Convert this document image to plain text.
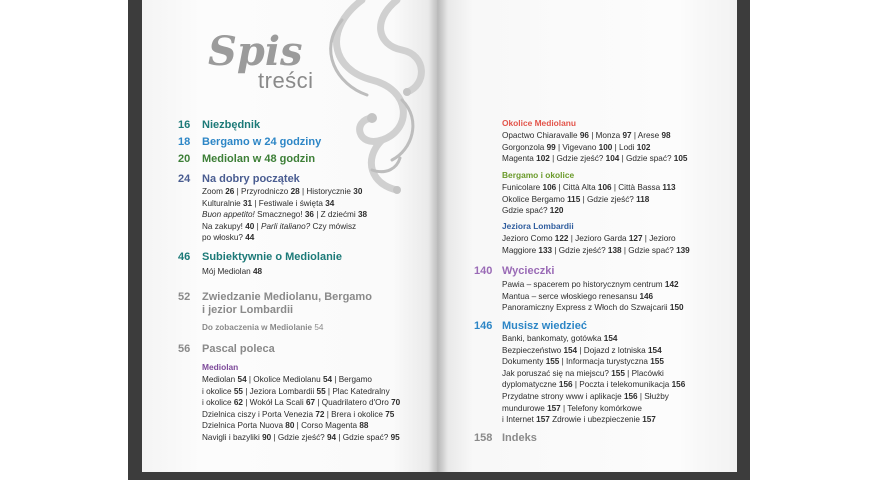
Spis
treści
16 Niezbędnik
18 Bergamo w 24 godziny
20 Mediolan w 48 godzin
24 Na dobry początek
Zoom 26 | Przyrodniczo 28 | Historycznie 30
Kulturalnie 31 | Festiwale i święta 34
Buon appetito! Smacznego! 36 | Z dziećmi 38
Na zakupy! 40 | Parli italiano? Czy mówisz
po włosku? 44
46 Subiektywnie o Mediolanie
Mój Mediolan 48
52 Zwiedzanie Mediolanu, Bergamo
i jezior Lombardii
Do zobaczenia w Mediolanie 54
56 Pascal poleca
Mediolan
Mediolan 54 | Okolice Mediolanu 54 | Bergamo
i okolice 55 | Jeziora Lombardii 55 | Plac Katedralny
i okolice 62 | Wokół La Scali 67 | Quadrilatero d'Oro 70
Dzielnica ciszy i Porta Venezia 72 | Brera i okolice 75
Dzielnica Porta Nuova 80 | Corso Magenta 88
Navigli i bazyliki 90 | Gdzie zjeść? 94 | Gdzie spać? 95
Okolice Mediolanu
Opactwo Chiaravalle 96 | Monza 97 | Arese 98
Gorgonzola 99 | Vigevano 100 | Lodi 102
Magenta 102 | Gdzie zjeść? 104 | Gdzie spać? 105
Bergamo i okolice
Funicolare 106 | Città Alta 106 | Città Bassa 113
Okolice Bergamo 115 | Gdzie zjeść? 118
Gdzie spać? 120
Jeziora Lombardii
Jezioro Como 122 | Jezioro Garda 127 | Jezioro
Maggiore 133 | Gdzie zjeść? 138 | Gdzie spać? 139
140 Wycieczki
Pawia – spacerem po historycznym centrum 142
Mantua – serce włoskiego renesansu 146
Panoramiczny Express z Włoch do Szwajcarii 150
146 Musisz wiedzieć
Banki, bankomaty, gotówka 154
Bezpieczeństwo 154 | Dojazd z lotniska 154
Dokumenty 155 | Informacja turystyczna 155
Jak poruszać się na miejscu? 155 | Placówki
dyplomatyczne 156 | Poczta i telekomunikacja 156
Przydatne strony www i aplikacje 156 | Służby
mundurowe 157 | Telefony komórkowe
i Internet 157 Zdrowie i ubezpieczenie 157
158 Indeks
